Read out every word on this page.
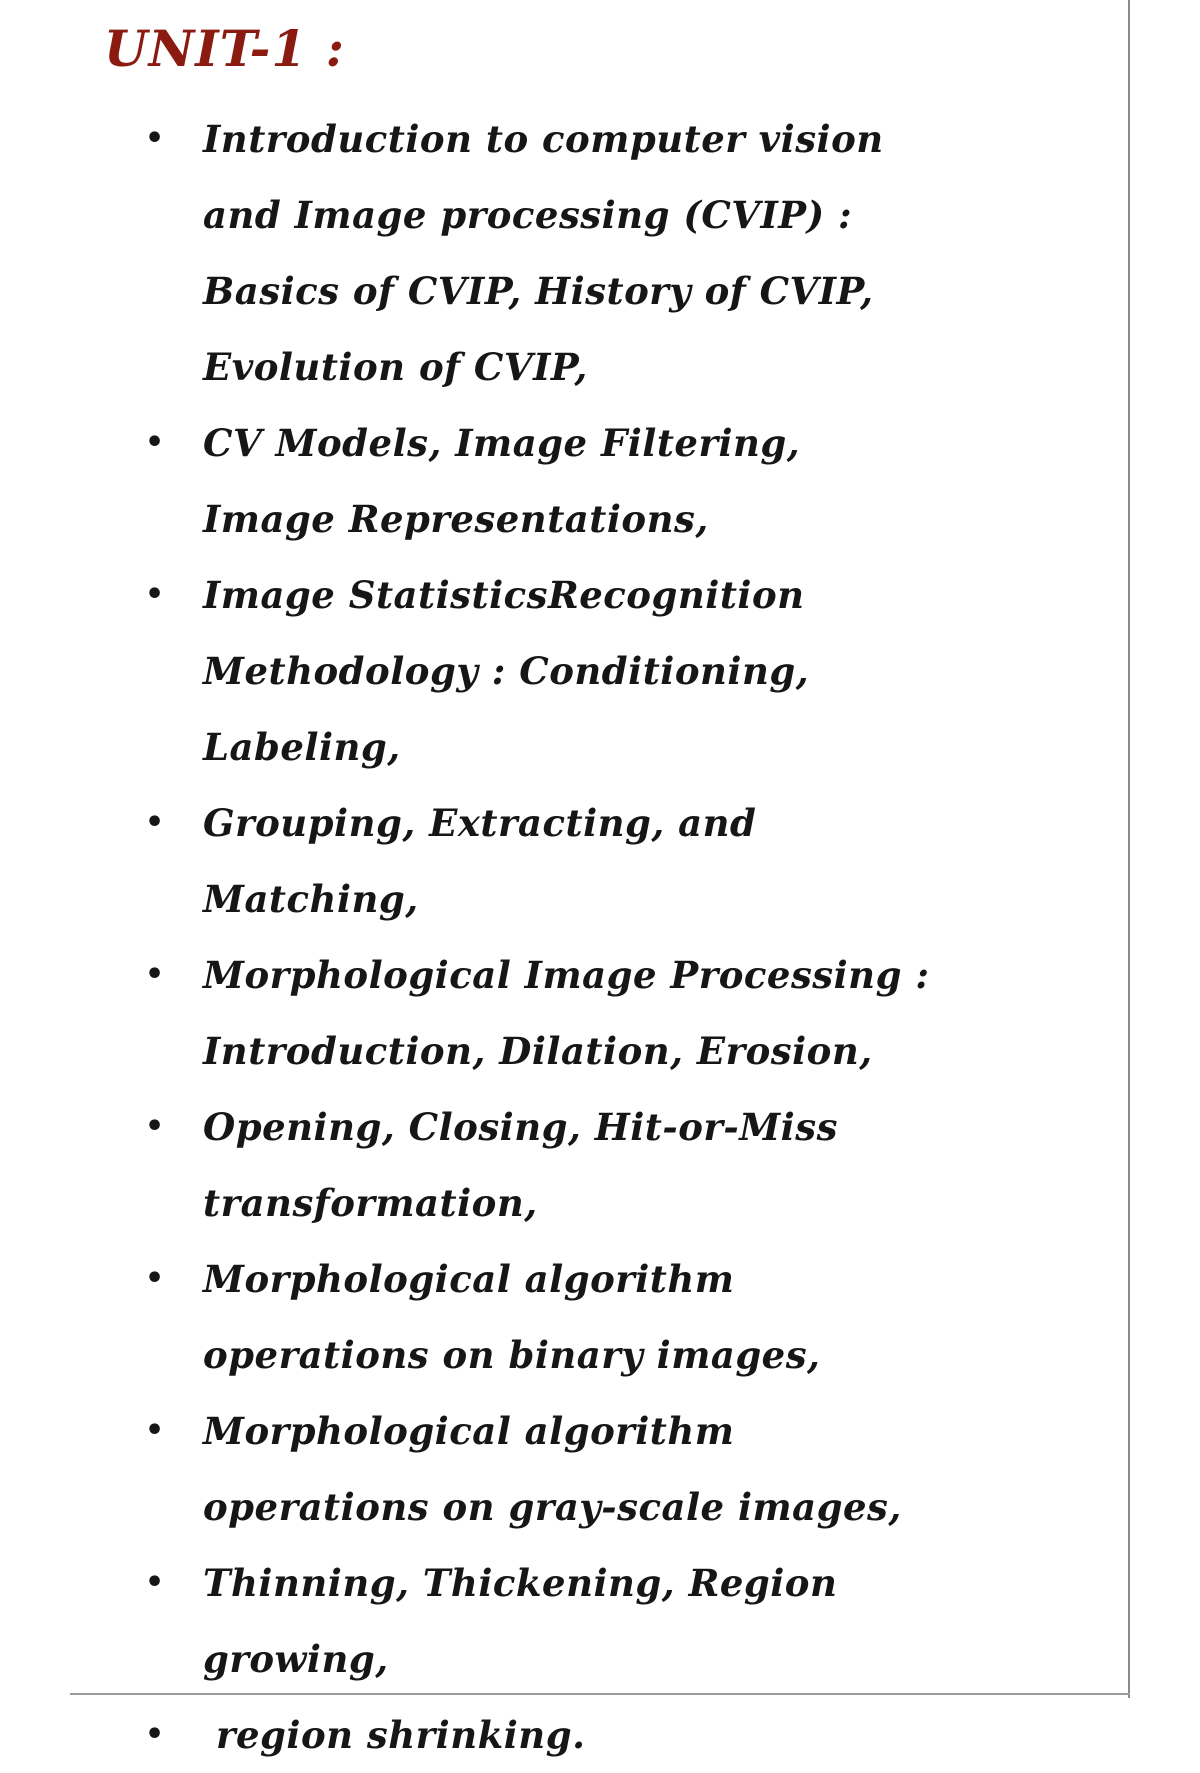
UNIT-1 :
• Introduction to computer vision and Image processing (CVIP) : Basics of CVIP, History of CVIP, Evolution of CVIP,
• CV Models, Image Filtering, Image Representations,
• Image StatisticsRecognition Methodology : Conditioning, Labeling,
• Grouping, Extracting, and Matching,
• Morphological Image Processing : Introduction, Dilation, Erosion,
• Opening, Closing, Hit-or-Miss transformation,
• Morphological algorithm operations on binary images,
• Morphological algorithm operations on gray-scale images,
• Thinning, Thickening, Region growing,
• region shrinking.
